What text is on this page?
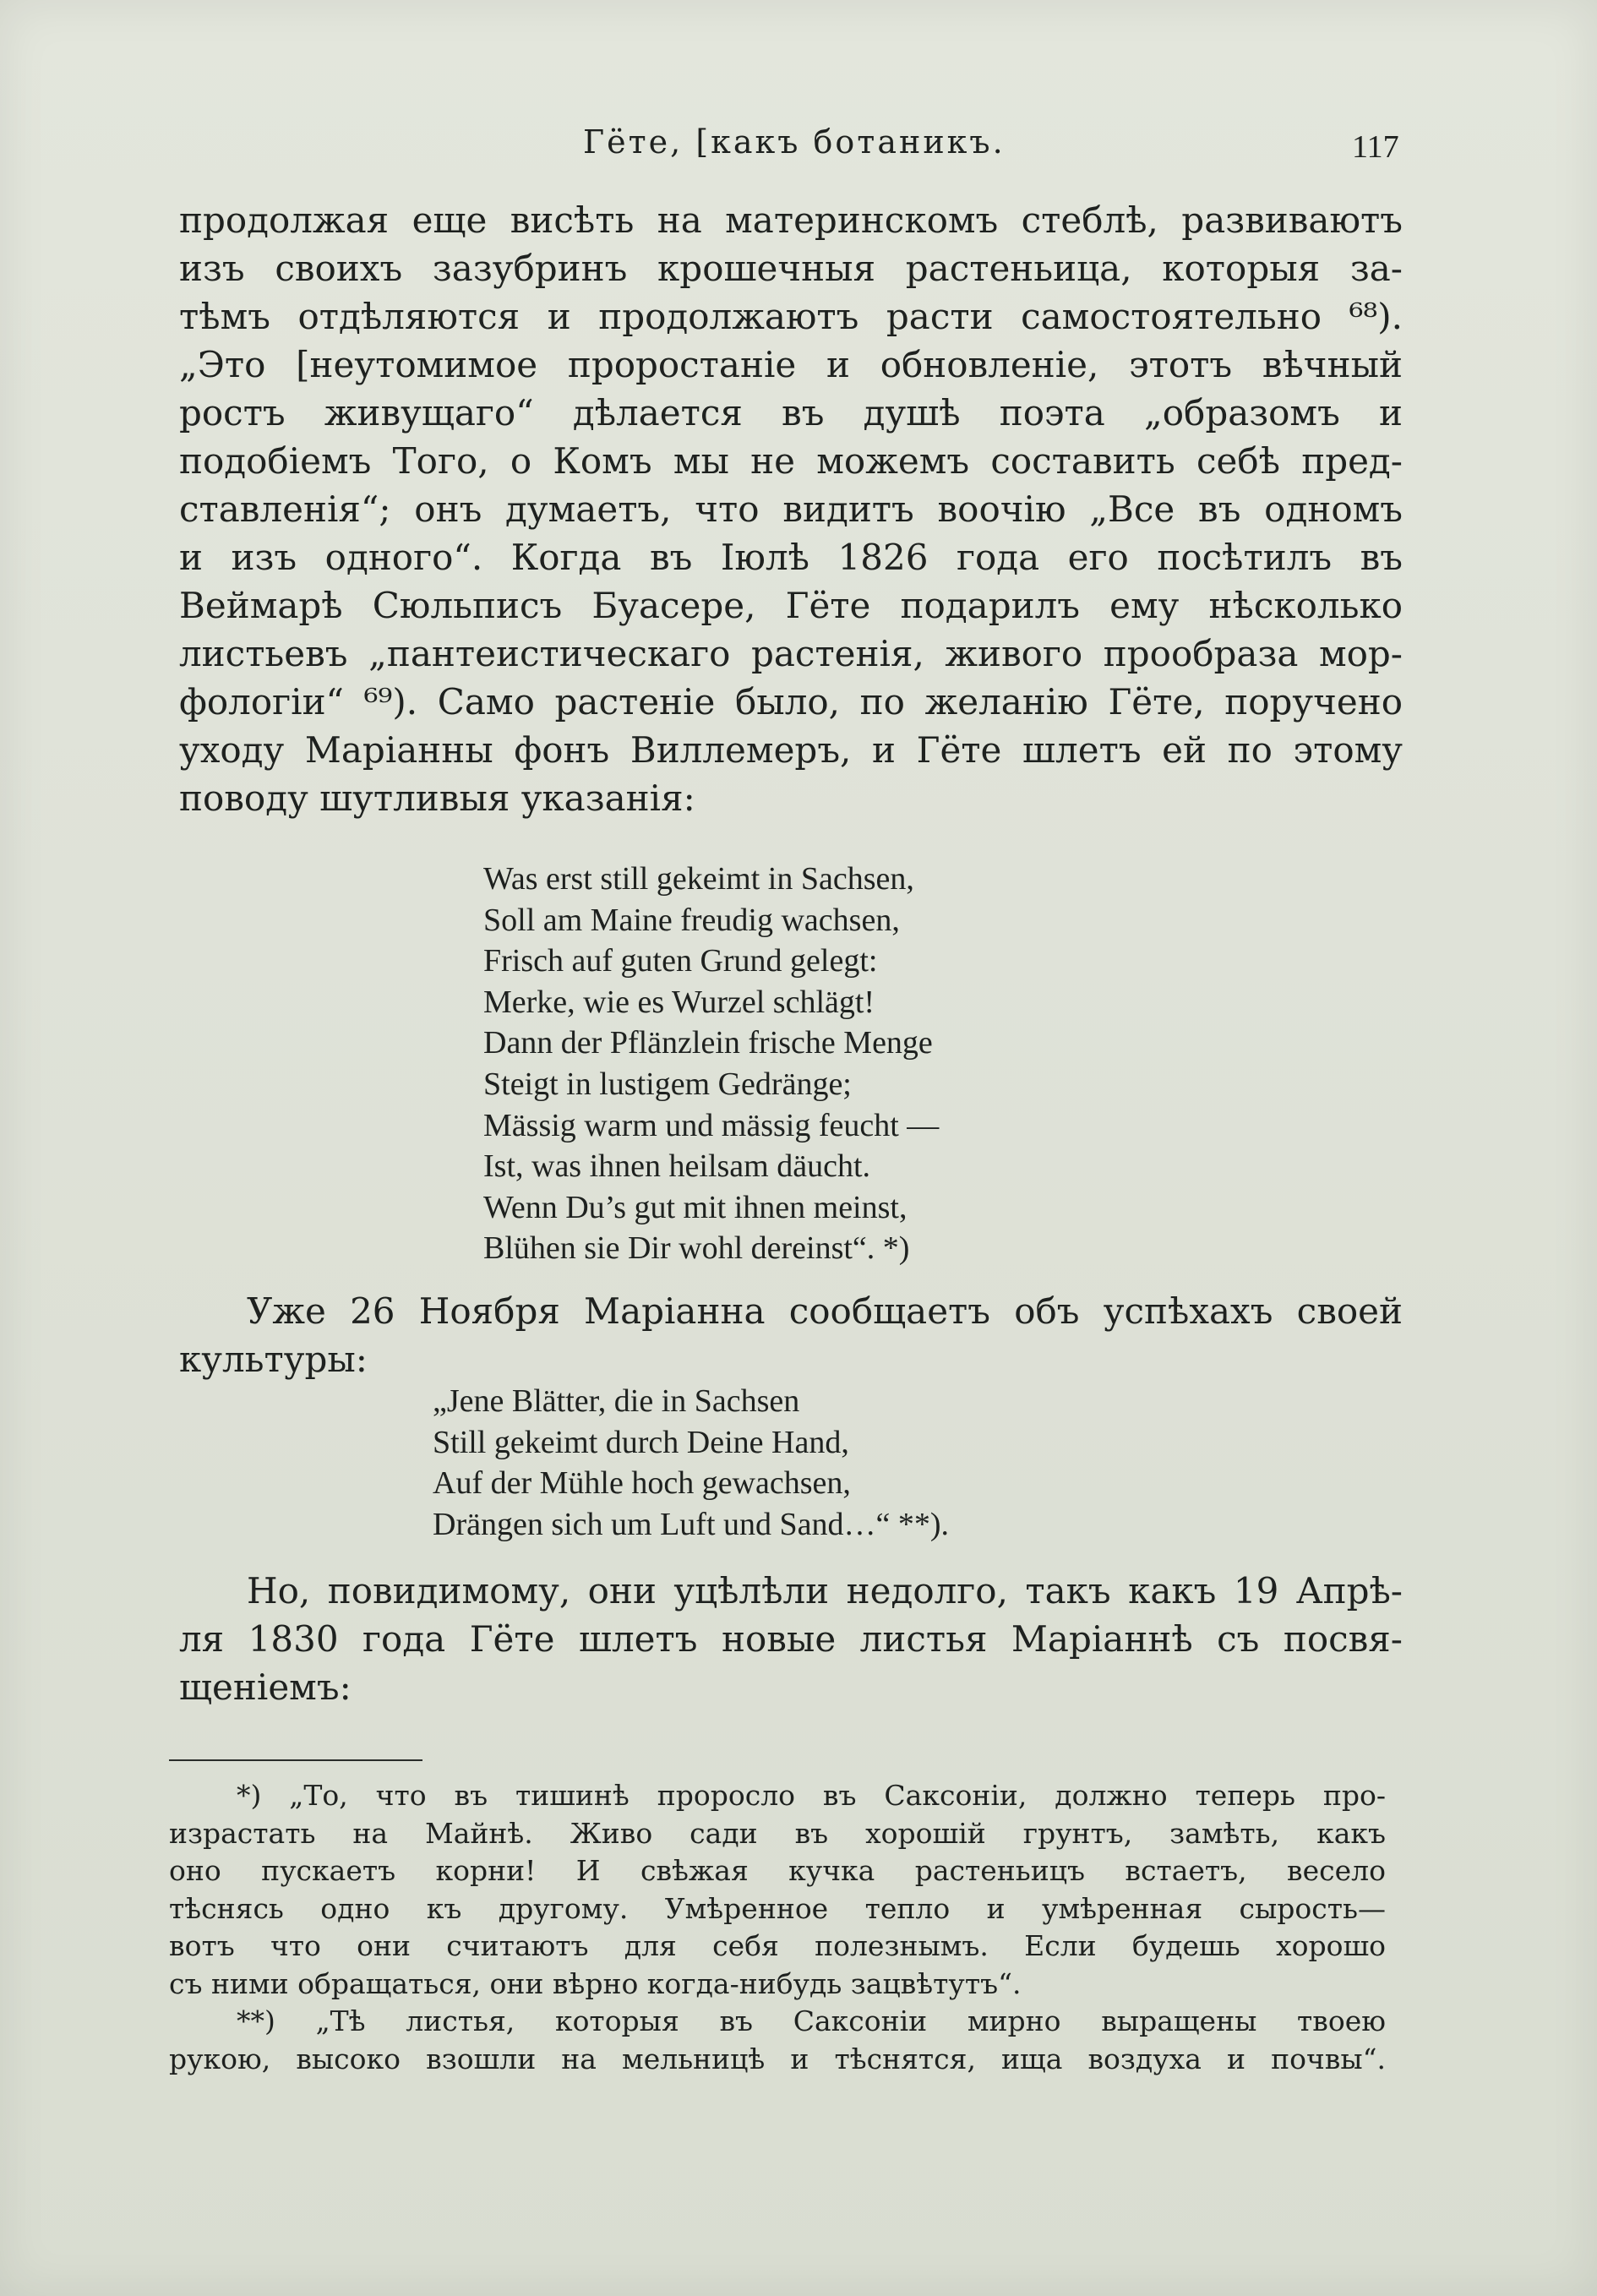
Гёте, [какъ ботаникъ.	117
продолжая еще висѣть на материнскомъ стеблѣ, развиваютъ
изъ своихъ зазубринъ крошечныя растеньица, которыя за-
тѣмъ отдѣляются и продолжаютъ расти самостоятельно ⁶⁸).
„Это [неутомимое проростаніе и обновленіе, этотъ вѣчный
ростъ живущаго“ дѣлается въ душѣ поэта „образомъ и
подобіемъ Того, о Комъ мы не можемъ составить себѣ пред-
ставленія“; онъ думаетъ, что видитъ воочію „Все въ одномъ
и изъ одного“. Когда въ Іюлѣ 1826 года его посѣтилъ въ
Веймарѣ Сюльписъ Буасере, Гёте подарилъ ему нѣсколько
листьевъ „пантеистическаго растенія, живого прообраза мор-
фологіи“ ⁶⁹). Само растеніе было, по желанію Гёте, поручено
уходу Маріанны фонъ Виллемеръ, и Гёте шлетъ ей по этому
поводу шутливыя указанія:
Was erst still gekeimt in Sachsen,
Soll am Maine freudig wachsen,
Frisch auf guten Grund gelegt:
Merke, wie es Wurzel schlägt!
Dann der Pflänzlein frische Menge
Steigt in lustigem Gedränge;
Mässig warm und mässig feucht —
Ist, was ihnen heilsam däucht.
Wenn Du’s gut mit ihnen meinst,
Blühen sie Dir wohl dereinst“. *)
Уже 26 Ноября Маріанна сообщаетъ объ успѣхахъ своей
культуры:
„Jene Blätter, die in Sachsen
Still gekeimt durch Deine Hand,
Auf der Mühle hoch gewachsen,
Drängen sich um Luft und Sand…“ **).
Но, повидимому, они уцѣлѣли недолго, такъ какъ 19 Апрѣ-
ля 1830 года Гёте шлетъ новые листья Маріаннѣ съ посвя-
щеніемъ:
*) „То, что въ тишинѣ проросло въ Саксоніи, должно теперь про-
израстать на Майнѣ. Живо сади въ хорошій грунтъ, замѣть, какъ
оно пускаетъ корни! И свѣжая кучка растеньицъ встаетъ, весело
тѣснясь одно къ другому. Умѣренное тепло и умѣренная сырость—
вотъ что они считаютъ для себя полезнымъ. Если будешь хорошо
съ ними обращаться, они вѣрно когда-нибудь зацвѣтутъ“.
**) „Тѣ листья, которыя въ Саксоніи мирно выращены твоею
рукою, высоко взошли на мельницѣ и тѣснятся, ища воздуха и почвы“.
